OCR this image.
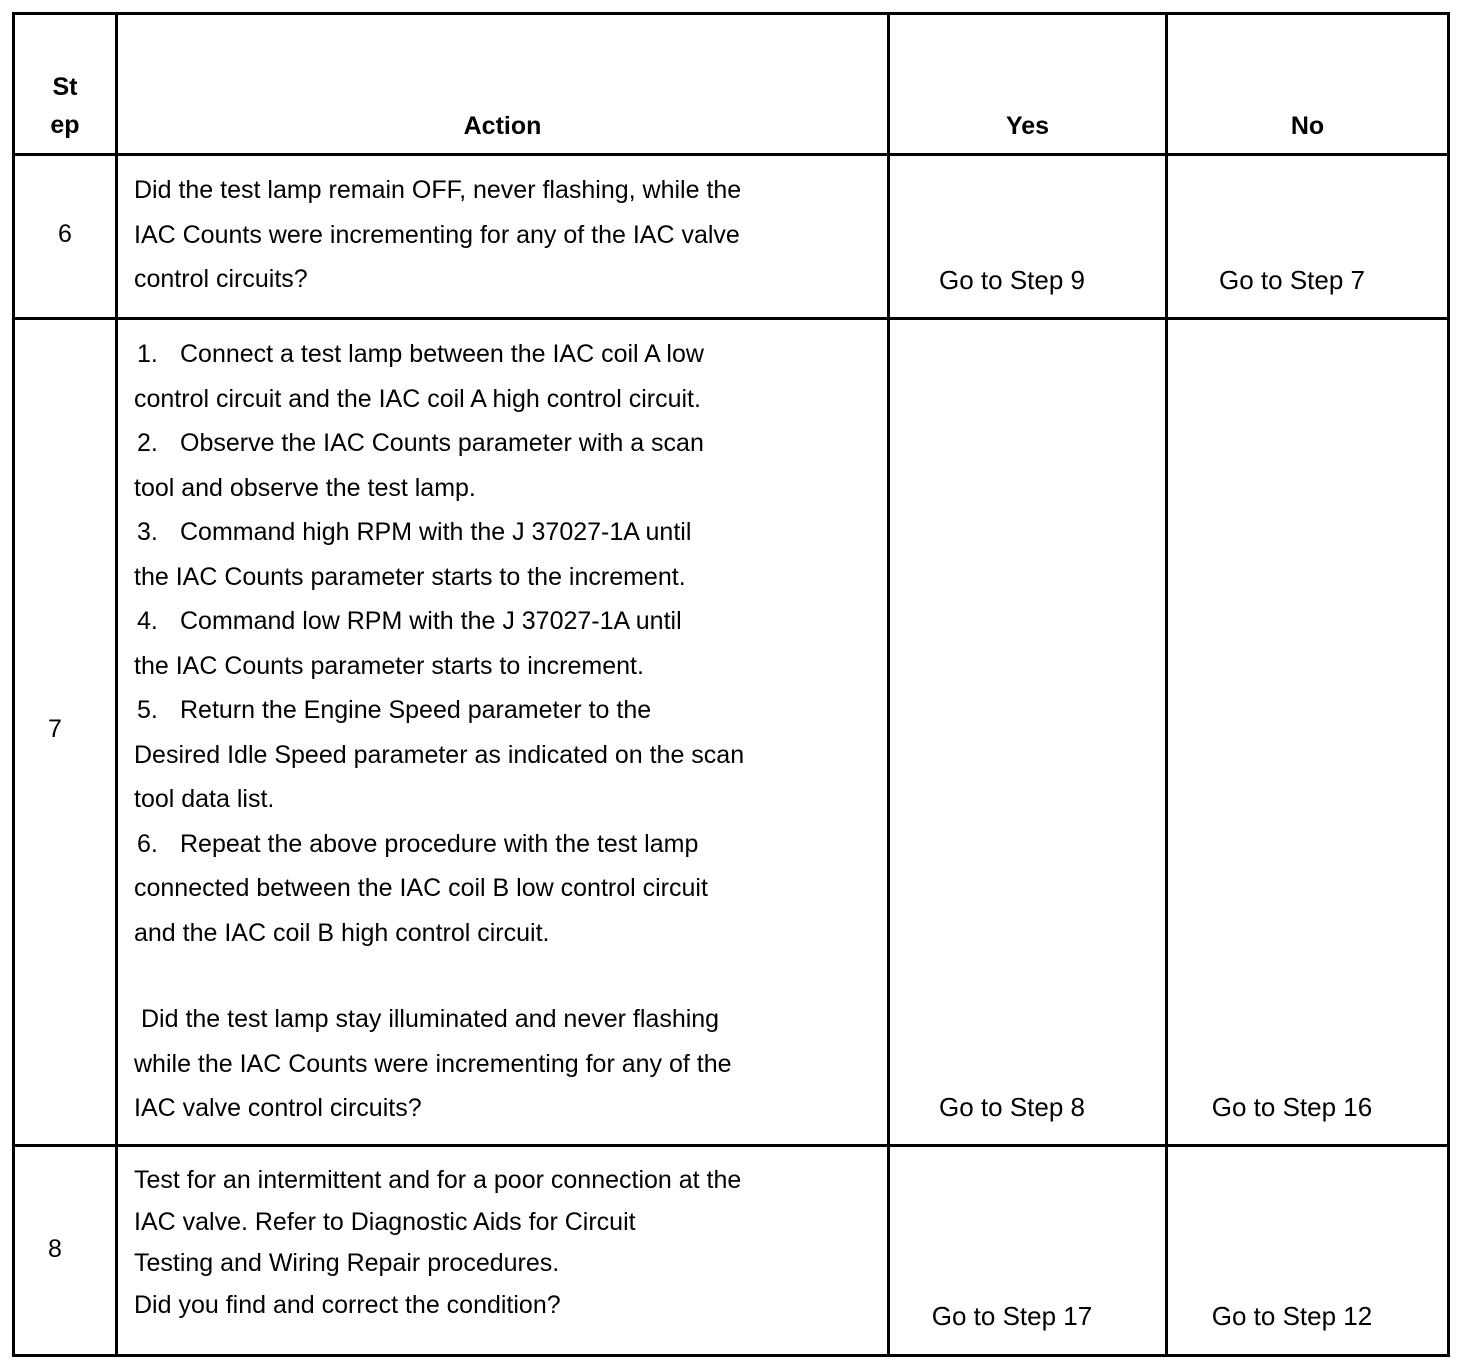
St
ep	Action	Yes	No
6
Did the test lamp remain OFF, never flashing, while the
IAC Counts were incrementing for any of the IAC valve
control circuits?	Go to Step 9	Go to Step 7
7
1. Connect a test lamp between the IAC coil A low
control circuit and the IAC coil A high control circuit.
2. Observe the IAC Counts parameter with a scan
tool and observe the test lamp.
3. Command high RPM with the J 37027-1A until
the IAC Counts parameter starts to the increment.
4. Command low RPM with the J 37027-1A until
the IAC Counts parameter starts to increment.
5. Return the Engine Speed parameter to the
Desired Idle Speed parameter as indicated on the scan
tool data list.
6. Repeat the above procedure with the test lamp
connected between the IAC coil B low control circuit
and the IAC coil B high control circuit.
Did the test lamp stay illuminated and never flashing
while the IAC Counts were incrementing for any of the
IAC valve control circuits?	Go to Step 8	Go to Step 16
8
Test for an intermittent and for a poor connection at the
IAC valve. Refer to Diagnostic Aids for Circuit
Testing and Wiring Repair procedures.
Did you find and correct the condition?	Go to Step 17	Go to Step 12
